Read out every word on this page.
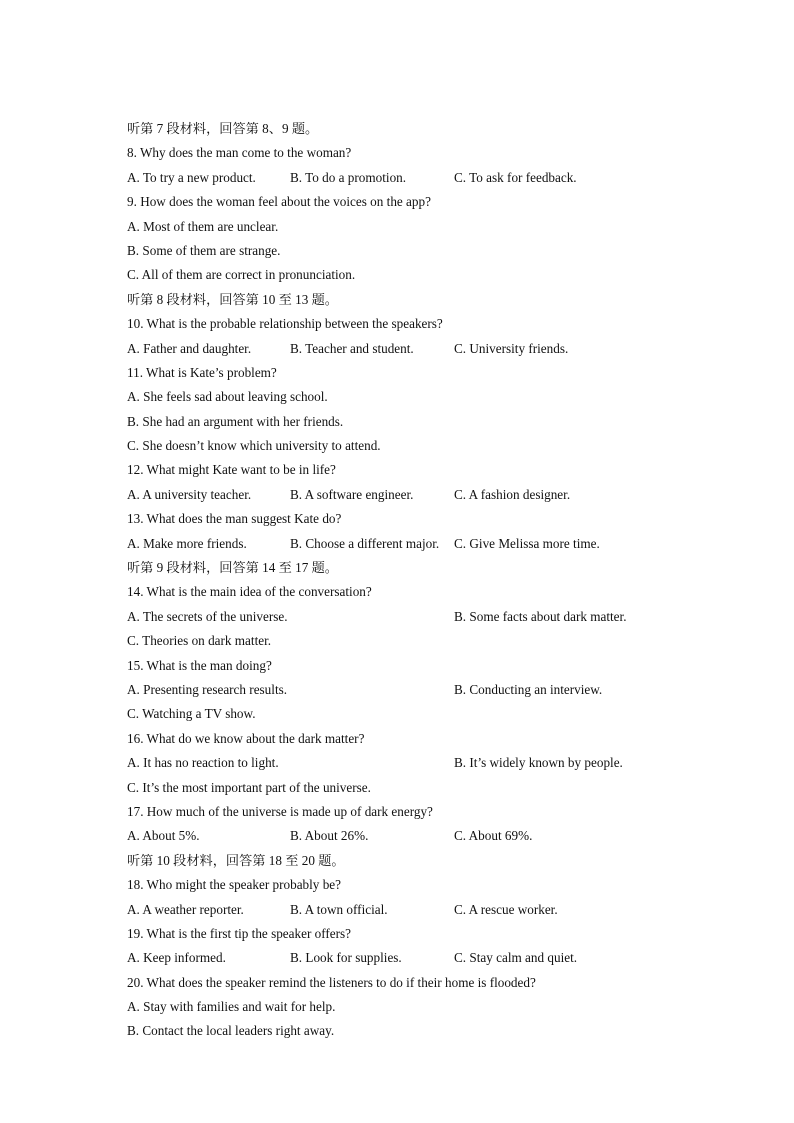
听第 7 段材料，回答第 8、9 题。
8. Why does the man come to the woman?
A. To try a new product.	B. To do a promotion.	C. To ask for feedback.
9. How does the woman feel about the voices on the app?
A. Most of them are unclear.
B. Some of them are strange.
C. All of them are correct in pronunciation.
听第 8 段材料，回答第 10 至 13 题。
10. What is the probable relationship between the speakers?
A. Father and daughter.	B. Teacher and student.	C. University friends.
11. What is Kate’s problem?
A. She feels sad about leaving school.
B. She had an argument with her friends.
C. She doesn’t know which university to attend.
12. What might Kate want to be in life?
A. A university teacher.	B. A software engineer.	C. A fashion designer.
13. What does the man suggest Kate do?
A. Make more friends.	B. Choose a different major. C. Give Melissa more time.
听第 9 段材料，回答第 14 至 17 题。
14. What is the main idea of the conversation?
A. The secrets of the universe.	B. Some facts about dark matter.
C. Theories on dark matter.
15. What is the man doing?
A. Presenting research results.	B. Conducting an interview.
C. Watching a TV show.
16. What do we know about the dark matter?
A. It has no reaction to light.	B. It’s widely known by people.
C. It’s the most important part of the universe.
17. How much of the universe is made up of dark energy?
A. About 5%.	B. About 26%.	C. About 69%.
听第 10 段材料，回答第 18 至 20 题。
18. Who might the speaker probably be?
A. A weather reporter.	B. A town official.	C. A rescue worker.
19. What is the first tip the speaker offers?
A. Keep informed.	B. Look for supplies.	C. Stay calm and quiet.
20. What does the speaker remind the listeners to do if their home is flooded?
A. Stay with families and wait for help.
B. Contact the local leaders right away.
